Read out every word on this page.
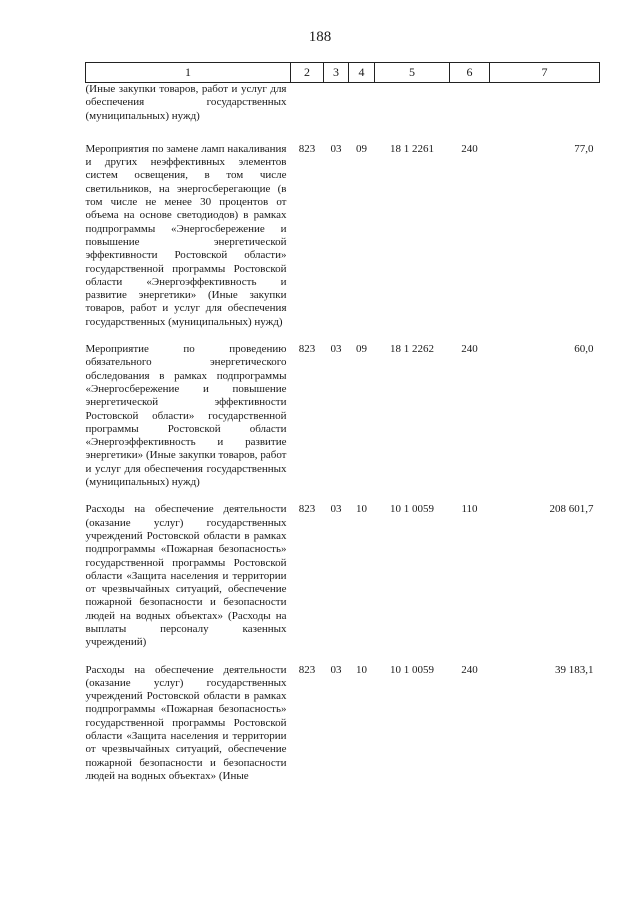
188
1	2	3	4	5	6	7
(Иные закупки товаров, работ и услуг для обеспечения государственных (муниципальных) нужд)						
Мероприятия по замене ламп накаливания и других неэффективных элементов систем освещения, в том числе светильников, на энергосберегающие (в том числе не менее 30 процентов от объема на основе светодиодов) в рамках подпрограммы «Энергосбережение и повышение энергетической эффективности Ростовской области» государственной программы Ростовской области «Энергоэффективность и развитие энергетики» (Иные закупки товаров, работ и услуг для обеспечения государственных (муниципальных) нужд)	823	03	09	18 1 2261	240	77,0
Мероприятие по проведению обязательного энергетического обследования в рамках подпрограммы «Энергосбережение и повышение энергетической эффективности Ростовской области» государственной программы Ростовской области «Энергоэффективность и развитие энергетики» (Иные закупки товаров, работ и услуг для обеспечения государственных (муниципальных) нужд)	823	03	09	18 1 2262	240	60,0
Расходы на обеспечение деятельности (оказание услуг) государственных учреждений Ростовской области в рамках подпрограммы «Пожарная безопасность» государственной программы Ростовской области «Защита населения и территории от чрезвычайных ситуаций, обеспечение пожарной безопасности и безопасности людей на водных объектах» (Расходы на выплаты персоналу казенных учреждений)	823	03	10	10 1 0059	110	208 601,7
Расходы на обеспечение деятельности (оказание услуг) государственных учреждений Ростовской области в рамках подпрограммы «Пожарная безопасность» государственной программы Ростовской области «Защита населения и территории от чрезвычайных ситуаций, обеспечение пожарной безопасности и безопасности людей на водных объектах» (Иные	823	03	10	10 1 0059	240	39 183,1
